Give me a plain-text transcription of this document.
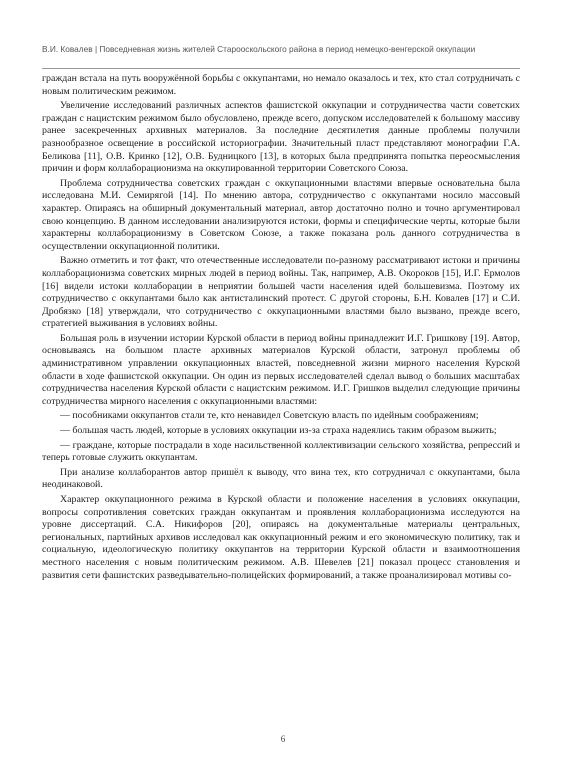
В.И. Ковалев | Повседневная жизнь жителей Старооскольского района в период немецко-венгерской оккупации

граждан встала на путь вооружённой борьбы с оккупантами, но немало оказалось и тех, кто стал сотрудничать с новым политическим режимом.

Увеличение исследований различных аспектов фашистской оккупации и сотрудничества части советских граждан с нацистским режимом было обусловлено, прежде всего, допуском исследователей к большому массиву ранее засекреченных архивных материалов. За последние десятилетия данные проблемы получили разнообразное освещение в российской историографии. Значительный пласт представляют монографии Г.А. Беликова [11], О.В. Кринко [12], О.В. Будницкого [13], в которых была предпринята попытка переосмысления причин и форм коллаборационизма на оккупированной территории Советского Союза.

Проблема сотрудничества советских граждан с оккупационными властями впервые основательна была исследована М.И. Семирягой [14]. По мнению автора, сотрудничество с оккупантами носило массовый характер. Опираясь на обширный документальный материал, автор достаточно полно и точно аргументировал свою концепцию. В данном исследовании анализируются истоки, формы и специфические черты, которые были характерны коллаборационизму в Советском Союзе, а также показана роль данного сотрудничества в осуществлении оккупационной политики.

Важно отметить и тот факт, что отечественные исследователи по-разному рассматривают истоки и причины коллаборационизма советских мирных людей в период войны. Так, например, А.В. Окороков [15], И.Г. Ермолов [16] видели истоки коллаборации в неприятии большей части населения идей большевизма. Поэтому их сотрудничество с оккупантами было как антисталинский протест. С другой стороны, Б.Н. Ковалев [17] и С.И. Дробязко [18] утверждали, что сотрудничество с оккупационными властями было вызвано, прежде всего, стратегией выживания в условиях войны.

Большая роль в изучении истории Курской области в период войны принадлежит И.Г. Гришкову [19]. Автор, основываясь на большом пласте архивных материалов Курской области, затронул проблемы об административном управлении оккупационных властей, повседневной жизни мирного населения Курской области в ходе фашистской оккупации. Он один из первых исследователей сделал вывод о больших масштабах сотрудничества населения Курской области с нацистским режимом. И.Г. Гришков выделил следующие причины сотрудничества мирного населения с оккупационными властями:

— пособниками оккупантов стали те, кто ненавидел Советскую власть по идейным соображениям;

— большая часть людей, которые в условиях оккупации из-за страха надеялись таким образом выжить;

— граждане, которые пострадали в ходе насильственной коллективизации сельского хозяйства, репрессий и теперь готовые служить оккупантам.

При анализе коллаборантов автор пришёл к выводу, что вина тех, кто сотрудничал с оккупантами, была неодинаковой.

Характер оккупационного режима в Курской области и положение населения в условиях оккупации, вопросы сопротивления советских граждан оккупантам и проявления коллаборационизма исследуются на уровне диссертаций. С.А. Никифоров [20], опираясь на документальные материалы центральных, региональных, партийных архивов исследовал как оккупационный режим и его экономическую политику, так и социальную, идеологическую политику оккупантов на территории Курской области и взаимоотношения местного населения с новым политическим режимом. А.В. Шевелев [21] показал процесс становления и развития сети фашистских разведывательно-полицейских формирований, а также проанализировал мотивы со-

6
